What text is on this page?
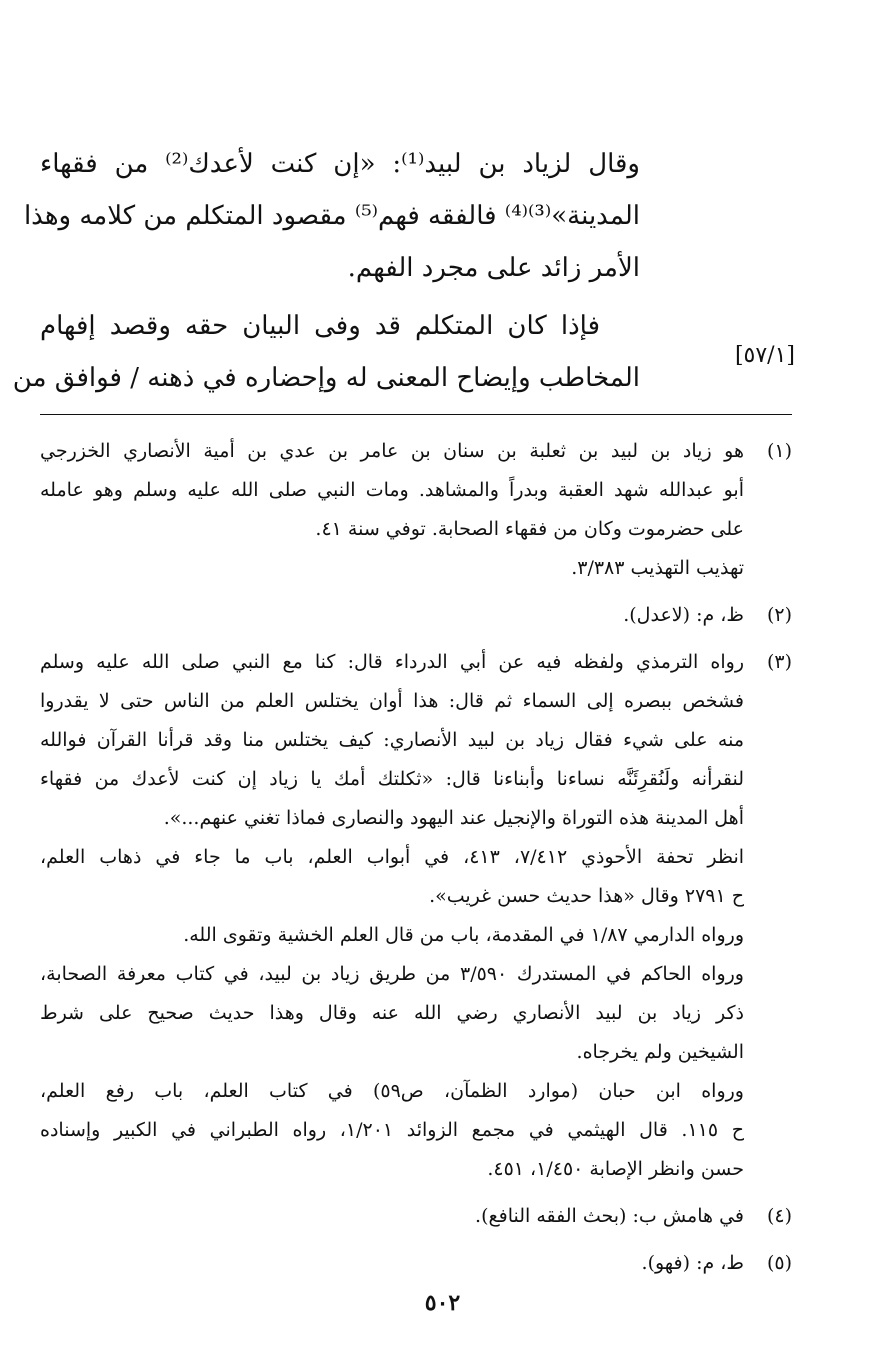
وقال لزياد بن لبيد⁽¹⁾: «إن كنت لأعدك⁽²⁾ من فقهاء
المدينة»⁽³⁾⁽⁴⁾ فالفقه فهم⁽⁵⁾ مقصود المتكلم من كلامه وهذا
الأمر زائد على مجرد الفهم.
فإذا كان المتكلم قد وفى البيان حقه وقصد إفهام
المخاطب وإيضاح المعنى له وإحضاره في ذهنه / فوافق من
[٥٧/١]
(١)
هو زياد بن لبيد بن ثعلبة بن سنان بن عامر بن عدي بن أمية الأنصاري الخزرجي
أبو عبدالله شهد العقبة وبدراً والمشاهد. ومات النبي صلى الله عليه وسلم وهو عامله
على حضرموت وكان من فقهاء الصحابة. توفي سنة ٤١.
تهذيب التهذيب ٣/٣٨٣.
(٢)
ظ، م: (لاعدل).
(٣)
رواه الترمذي ولفظه فيه عن أبي الدرداء قال: كنا مع النبي صلى الله عليه وسلم
فشخص ببصره إلى السماء ثم قال: هذا أوان يختلس العلم من الناس حتى لا يقدروا
منه على شيء فقال زياد بن لبيد الأنصاري: كيف يختلس منا وقد قرأنا القرآن فوالله
لنقرأنه ولَنُقرِئَنَّه نساءنا وأبناءنا قال: «ثكلتك أمك يا زياد إن كنت لأعدك من فقهاء
أهل المدينة هذه التوراة والإنجيل عند اليهود والنصارى فماذا تغني عنهم...».
انظر تحفة الأحوذي ٧/٤١٢، ٤١٣، في أبواب العلم، باب ما جاء في ذهاب العلم،
ح ٢٧٩١ وقال «هذا حديث حسن غريب».
ورواه الدارمي ١/٨٧ في المقدمة، باب من قال العلم الخشية وتقوى الله.
ورواه الحاكم في المستدرك ٣/٥٩٠ من طريق زياد بن لبيد، في كتاب معرفة الصحابة،
ذكر زياد بن لبيد الأنصاري رضي الله عنه وقال وهذا حديث صحيح على شرط
الشيخين ولم يخرجاه.
ورواه ابن حبان (موارد الظمآن، ص٥٩) في كتاب العلم، باب رفع العلم،
ح ١١٥. قال الهيثمي في مجمع الزوائد ١/٢٠١، رواه الطبراني في الكبير وإسناده
حسن وانظر الإصابة ١/٤٥٠، ٤٥١.
(٤)
في هامش ب: (بحث الفقه النافع).
(٥)
ط، م: (فهو).
٥٠٢
